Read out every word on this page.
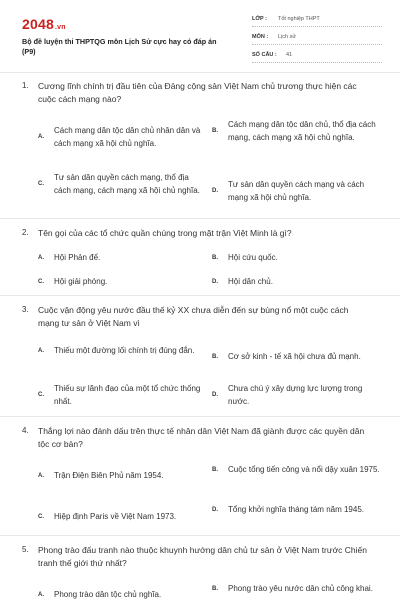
2048.vn
Bộ đề luyện thi THPTQG môn Lịch Sử cực hay có đáp án (P9)
LỚP : Tốt nghiệp THPT
MÔN : Lịch sử
SỐ CÂU : 41
1. Cương lĩnh chính trị đầu tiên của Đảng cộng sản Việt Nam chủ trương thực hiện các cuộc cách mạng nào?
A.
Cách mạng dân tộc dân chủ nhân dân và cách mạng xã hội chủ nghĩa.
B.
Cách mạng dân tộc dân chủ, thổ địa cách mạng, cách mạng xã hội chủ nghĩa.
C.
Tư sản dân quyền cách mạng, thổ địa cách mạng, cách mạng xã hội chủ nghĩa.	D.
Tư sản dân quyền cách mạng và cách mạng xã hội chủ nghĩa.
2. Tên gọi của các tổ chức quần chúng trong mặt trận Việt Minh là gì?
A.	Hội Phản đế.	B.	Hội cứu quốc.
C.	Hội giải phóng.	D.	Hội dân chủ.
3. Cuộc vận động yêu nước đầu thế kỷ XX chưa diễn đến sự bùng nổ một cuộc cách mạng tư sản ở Việt Nam vì
A.	Thiếu một đường lối chính trị đúng đắn.
B.	Cơ sở kinh - tế xã hội chưa đủ mạnh.
C.
Thiếu sự lãnh đạo của một tổ chức thống nhất.
D.
Chưa chú ý xây dựng lực lượng trong nước.
4. Thắng lợi nào đánh dấu trên thực tế nhân dân Việt Nam đã giành được các quyền dân tộc cơ bản?
A.	Trận Điện Biên Phủ năm 1954.
B.	Cuộc tổng tiến công và nổi dậy xuân 1975.
C.	Hiệp định Paris về Việt Nam 1973.
D.	Tổng khởi nghĩa tháng tám năm 1945.
5. Phong trào đấu tranh nào thuộc khuynh hướng dân chủ tư sản ở Việt Nam trước Chiến tranh thế giới thứ nhất?
A.	Phong trào dân tộc chủ nghĩa.
B.	Phong trào yêu nước dân chủ công khai.
